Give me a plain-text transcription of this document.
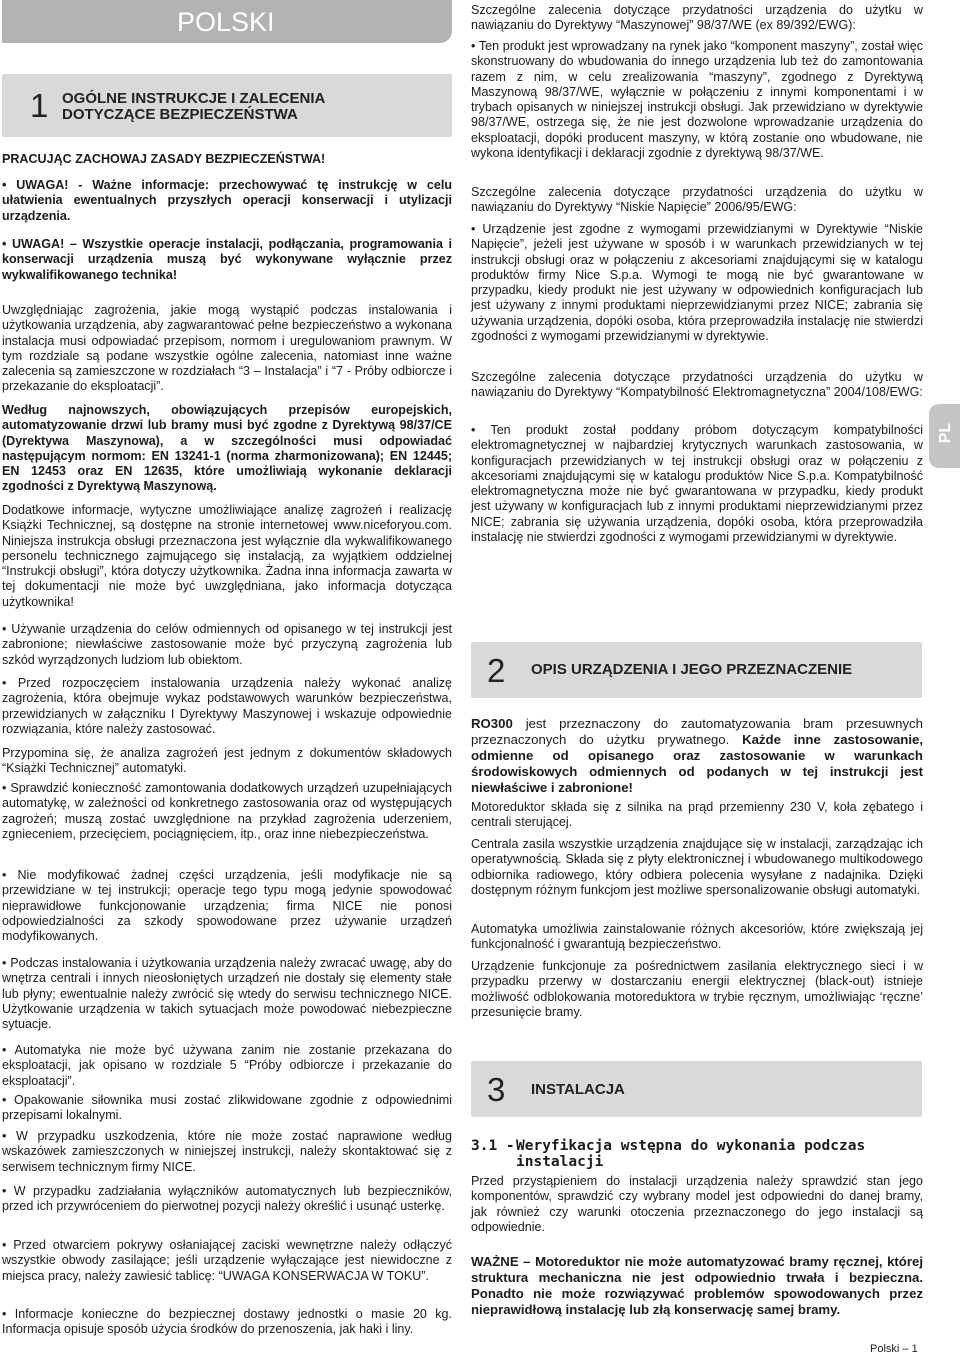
POLSKI
PL
1 OGÓLNE INSTRUKCJE I ZALECENIA
DOTYCZĄCE BEZPIECZEŃSTWA

PRACUJĄC ZACHOWAJ ZASADY BEZPIECZEŃSTWA!

• UWAGA! - Ważne informacje: przechowywać tę instrukcję w celu ułatwienia ewentualnych przyszłych operacji konserwacji i utylizacji urządzenia.

• UWAGA! – Wszystkie operacje instalacji, podłączania, programowania i konserwacji urządzenia muszą być wykonywane wyłącznie przez wykwalifikowanego technika!

Uwzględniając zagrożenia, jakie mogą wystąpić podczas instalowania i użytkowania urządzenia, aby zagwarantować pełne bezpieczeństwo a wykonana instalacja musi odpowiadać przepisom, normom i uregulowaniom prawnym. W tym rozdziale są podane wszystkie ogólne zalecenia, natomiast inne ważne zalecenia są zamieszczone w rozdziałach “3 – Instalacja” i “7 - Próby odbiorcze i przekazanie do eksploatacji”.

Według najnowszych, obowiązujących przepisów europejskich, automatyzowanie drzwi lub bramy musi być zgodne z Dyrektywą 98/37/CE (Dyrektywa Maszynowa), a w szczególności musi odpowiadać następującym normom: EN 13241-1 (norma zharmonizowana); EN 12445; EN 12453 oraz EN 12635, które umożliwiają wykonanie deklaracji zgodności z Dyrektywą Maszynową.

Dodatkowe informacje, wytyczne umożliwiające analizę zagrożeń i realizację Książki Technicznej, są dostępne na stronie internetowej www.niceforyou.com. Niniejsza instrukcja obsługi przeznaczona jest wyłącznie dla wykwalifikowanego personelu technicznego zajmującego się instalacją, za wyjątkiem oddzielnej “Instrukcji obsługi”, która dotyczy użytkownika. Żadna inna informacja zawarta w tej dokumentacji nie może być uwzględniana, jako informacja dotycząca użytkownika!

• Używanie urządzenia do celów odmiennych od opisanego w tej instrukcji jest zabronione; niewłaściwe zastosowanie może być przyczyną zagrożenia lub szkód wyrządzonych ludziom lub obiektom.

• Przed rozpoczęciem instalowania urządzenia należy wykonać analizę zagrożenia, która obejmuje wykaz podstawowych warunków bezpieczeństwa, przewidzianych w załączniku I Dyrektywy Maszynowej i wskazuje odpowiednie rozwiązania, które należy zastosować.

Przypomina się, że analiza zagrożeń jest jednym z dokumentów składowych “Książki Technicznej” automatyki.

• Sprawdzić konieczność zamontowania dodatkowych urządzeń uzupełniających automatykę, w zależności od konkretnego zastosowania oraz od występujących zagrożeń; muszą zostać uwzględnione na przykład zagrożenia uderzeniem, zgnieceniem, przecięciem, pociągnięciem, itp., oraz inne niebezpieczeństwa.

• Nie modyfikować żadnej części urządzenia, jeśli modyfikacje nie są przewidziane w tej instrukcji; operacje tego typu mogą jedynie spowodować nieprawidłowe funkcjonowanie urządzenia; firma NICE nie ponosi odpowiedzialności za szkody spowodowane przez używanie urządzeń modyfikowanych.

• Podczas instalowania i użytkowania urządzenia należy zwracać uwagę, aby do wnętrza centrali i innych nieosłoniętych urządzeń nie dostały się elementy stałe lub płyny; ewentualnie należy zwrócić się wtedy do serwisu technicznego NICE. Użytkowanie urządzenia w takich sytuacjach może powodować niebezpieczne sytuacje.

• Automatyka nie może być używana zanim nie zostanie przekazana do eksploatacji, jak opisano w rozdziale 5 “Próby odbiorcze i przekazanie do eksploatacji”.

• Opakowanie siłownika musi zostać zlikwidowane zgodnie z odpowiednimi przepisami lokalnymi.

• W przypadku uszkodzenia, które nie może zostać naprawione według wskazówek zamieszczonych w niniejszej instrukcji, należy skontaktować się z serwisem technicznym firmy NICE.

• W przypadku zadziałania wyłączników automatycznych lub bezpieczników, przed ich przywróceniem do pierwotnej pozycji należy określić i usunąć usterkę.

• Przed otwarciem pokrywy osłaniającej zaciski wewnętrzne należy odłączyć wszystkie obwody zasilające; jeśli urządzenie wyłączające jest niewidoczne z miejsca pracy, należy zawiesić tablicę: “UWAGA KONSERWACJA W TOKU”.

• Informacje konieczne do bezpiecznej dostawy jednostki o masie 20 kg. Informacja opisuje sposób użycia środków do przenoszenia, jak haki i liny.

Szczególne zalecenia dotyczące przydatności urządzenia do użytku w nawiązaniu do Dyrektywy “Maszynowej” 98/37/WE (ex 89/392/EWG):

• Ten produkt jest wprowadzany na rynek jako “komponent maszyny”, został więc skonstruowany do wbudowania do innego urządzenia lub też do zamontowania razem z nim, w celu zrealizowania “maszyny”, zgodnego z Dyrektywą Maszynową 98/37/WE, wyłącznie w połączeniu z innymi komponentami i w trybach opisanych w niniejszej instrukcji obsługi. Jak przewidziano w dyrektywie 98/37/WE, ostrzega się, że nie jest dozwolone wprowadzanie urządzenia do eksploatacji, dopóki producent maszyny, w którą zostanie ono wbudowane, nie wykona identyfikacji i deklaracji zgodnie z dyrektywą 98/37/WE.

Szczególne zalecenia dotyczące przydatności urządzenia do użytku w nawiązaniu do Dyrektywy “Niskie Napięcie” 2006/95/EWG:

• Urządzenie jest zgodne z wymogami przewidzianymi w Dyrektywie “Niskie Napięcie”, jeżeli jest używane w sposób i w warunkach przewidzianych w tej instrukcji obsługi oraz w połączeniu z akcesoriami znajdującymi się w katalogu produktów firmy Nice S.p.a. Wymogi te mogą nie być gwarantowane w przypadku, kiedy produkt nie jest używany w odpowiednich konfiguracjach lub jest używany z innymi produktami nieprzewidzianymi przez NICE; zabrania się używania urządzenia, dopóki osoba, która przeprowadziła instalację nie stwierdzi zgodności z wymogami przewidzianymi w dyrektywie.

Szczególne zalecenia dotyczące przydatności urządzenia do użytku w nawiązaniu do Dyrektywy “Kompatybilność Elektromagnetyczna” 2004/108/EWG:

• Ten produkt został poddany próbom dotyczącym kompatybilności elektromagnetycznej w najbardziej krytycznych warunkach zastosowania, w konfiguracjach przewidzianych w tej instrukcji obsługi oraz w połączeniu z akcesoriami znajdującymi się w katalogu produktów Nice S.p.a. Kompatybilność elektromagnetyczna może nie być gwarantowana w przypadku, kiedy produkt jest używany w konfiguracjach lub z innymi produktami nieprzewidzianymi przez NICE; zabrania się używania urządzenia, dopóki osoba, która przeprowadziła instalację nie stwierdzi zgodności z wymogami przewidzianymi w dyrektywie.

2 OPIS URZĄDZENIA I JEGO PRZEZNACZENIE

RO300 jest przeznaczony do zautomatyzowania bram przesuwnych przeznaczonych do użytku prywatnego. Każde inne zastosowanie, odmienne od opisanego oraz zastosowanie w warunkach środowiskowych odmiennych od podanych w tej instrukcji jest niewłaściwe i zabronione!

Motoreduktor składa się z silnika na prąd przemienny 230 V, koła zębatego i centrali sterującej.

Centrala zasila wszystkie urządzenia znajdujące się w instalacji, zarządzając ich operatywnością. Składa się z płyty elektronicznej i wbudowanego multikodowego odbiornika radiowego, który odbiera polecenia wysyłane z nadajnika. Dzięki dostępnym różnym funkcjom jest możliwe spersonalizowanie obsługi automatyki.

Automatyka umożliwia zainstalowanie różnych akcesoriów, które zwiększają jej funkcjonalność i gwarantują bezpieczeństwo.

Urządzenie funkcjonuje za pośrednictwem zasilania elektrycznego sieci i w przypadku przerwy w dostarczaniu energii elektrycznej (black-out) istnieje możliwość odblokowania motoreduktora w trybie ręcznym, umożliwiając ‘ręczne’ przesunięcie bramy.

3 INSTALACJA
3.1 - Weryfikacja wstępna do wykonania podczas
instalacji

Przed przystąpieniem do instalacji urządzenia należy sprawdzić stan jego komponentów, sprawdzić czy wybrany model jest odpowiedni do danej bramy, jak również czy warunki otoczenia przeznaczonego do jego instalacji są odpowiednie.

WAŻNE – Motoreduktor nie może automatyzować bramy ręcznej, której struktura mechaniczna nie jest odpowiednio trwała i bezpieczna. Ponadto nie może rozwiązywać problemów spowodowanych przez nieprawidłową instalację lub złą konserwację samej bramy.

Polski – 1
